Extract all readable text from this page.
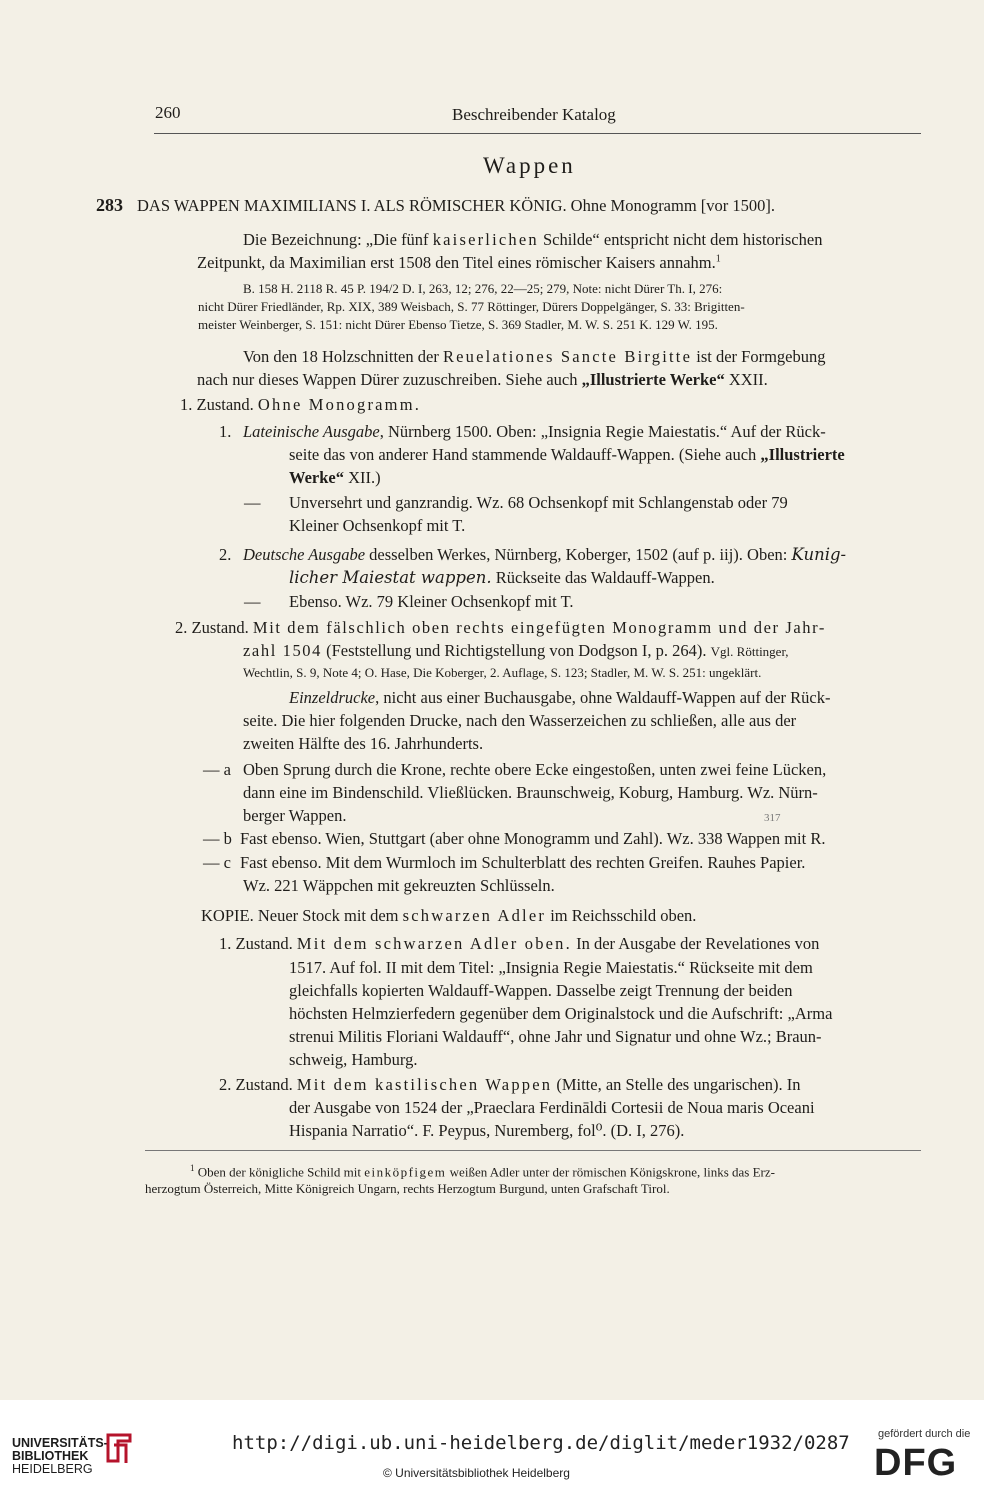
260	Beschreibender Katalog
Wappen
283 DAS WAPPEN MAXIMILIANS I. ALS RÖMISCHER KÖNIG. Ohne Monogramm [vor 1500].
Die Bezeichnung: „Die fünf kaiserlichen Schilde“ entspricht nicht dem historischen
Zeitpunkt, da Maximilian erst 1508 den Titel eines römischer Kaisers annahm.$^1$
B. 158 H. 2118 R. 45 P. 194/2 D. I, 263, 12; 276, 22—25; 279, Note: nicht Dürer Th. I, 276:
nicht Dürer Friedländer, Rp. XIX, 389 Weisbach, S. 77 Röttinger, Dürers Doppelgänger, S. 33: Brigitten-
meister Weinberger, S. 151: nicht Dürer Ebenso Tietze, S. 369 Stadler, M. W. S. 251 K. 129 W. 195.
Von den 18 Holzschnitten der Reuelationes Sancte Birgitte ist der Formgebung
nach nur dieses Wappen Dürer zuzuschreiben. Siehe auch „Illustrierte Werke“ XXII.
1. Zustand. Ohne Monogramm.
1. Lateinische Ausgabe, Nürnberg 1500. Oben: „Insignia Regie Maiestatis.“ Auf der Rück-
seite das von anderer Hand stammende Waldauff-Wappen. (Siehe auch „Illustrierte
Werke“ XII.)
— Unversehrt und ganzrandig. Wz. 68 Ochsenkopf mit Schlangenstab oder 79
Kleiner Ochsenkopf mit T.
2. Deutsche Ausgabe desselben Werkes, Nürnberg, Koberger, 1502 (auf p. iij). Oben: Kunig-
licher Maiestat wappen. Rückseite das Waldauff-Wappen.
— Ebenso. Wz. 79 Kleiner Ochsenkopf mit T.
2. Zustand. Mit dem fälschlich oben rechts eingefügten Monogramm und der Jahr-
zahl 1504 (Feststellung und Richtigstellung von Dodgson I, p. 264). Vgl. Röttinger,
Wechtlin, S. 9, Note 4; O. Hase, Die Koberger, 2. Auflage, S. 123; Stadler, M. W. S. 251: ungeklärt.
Einzeldrucke, nicht aus einer Buchausgabe, ohne Waldauff-Wappen auf der Rück-
seite. Die hier folgenden Drucke, nach den Wasserzeichen zu schließen, alle aus der
zweiten Hälfte des 16. Jahrhunderts.
— a Oben Sprung durch die Krone, rechte obere Ecke eingestoßen, unten zwei feine Lücken,
dann eine im Bindenschild. Vließlücken. Braunschweig, Koburg, Hamburg. Wz. Nürn-
berger Wappen.	317
— b Fast ebenso. Wien, Stuttgart (aber ohne Monogramm und Zahl). Wz. 338 Wappen mit R.
— c Fast ebenso. Mit dem Wurmloch im Schulterblatt des rechten Greifen. Rauhes Papier.
Wz. 221 Wäppchen mit gekreuzten Schlüsseln.
KOPIE. Neuer Stock mit dem schwarzen Adler im Reichsschild oben.
1. Zustand. Mit dem schwarzen Adler oben. In der Ausgabe der Revelationes von
1517. Auf fol. II mit dem Titel: „Insignia Regie Maiestatis.“ Rückseite mit dem
gleichfalls kopierten Waldauff-Wappen. Dasselbe zeigt Trennung der beiden
höchsten Helmzierfedern gegenüber dem Originalstock und die Aufschrift: „Arma
strenui Militis Floriani Waldauff“, ohne Jahr und Signatur und ohne Wz.; Braun-
schweig, Hamburg.
2. Zustand. Mit dem kastilischen Wappen (Mitte, an Stelle des ungarischen). In
der Ausgabe von 1524 der „Praeclara Ferdināldi Cortesii de Noua maris Oceani
Hispania Narratio“. F. Peypus, Nuremberg, fol⁰. (D. I, 276).
$^1$ Oben der königliche Schild mit einköpfigem weißen Adler unter der römischen Königskrone, links das Erz-
herzogtum Österreich, Mitte Königreich Ungarn, rechts Herzogtum Burgund, unten Grafschaft Tirol.
UNIVERSITÄTS-
BIBLIOTHEK
HEIDELBERG
http://digi.ub.uni-heidelberg.de/diglit/meder1932/0287
© Universitätsbibliothek Heidelberg
gefördert durch die
DFG
